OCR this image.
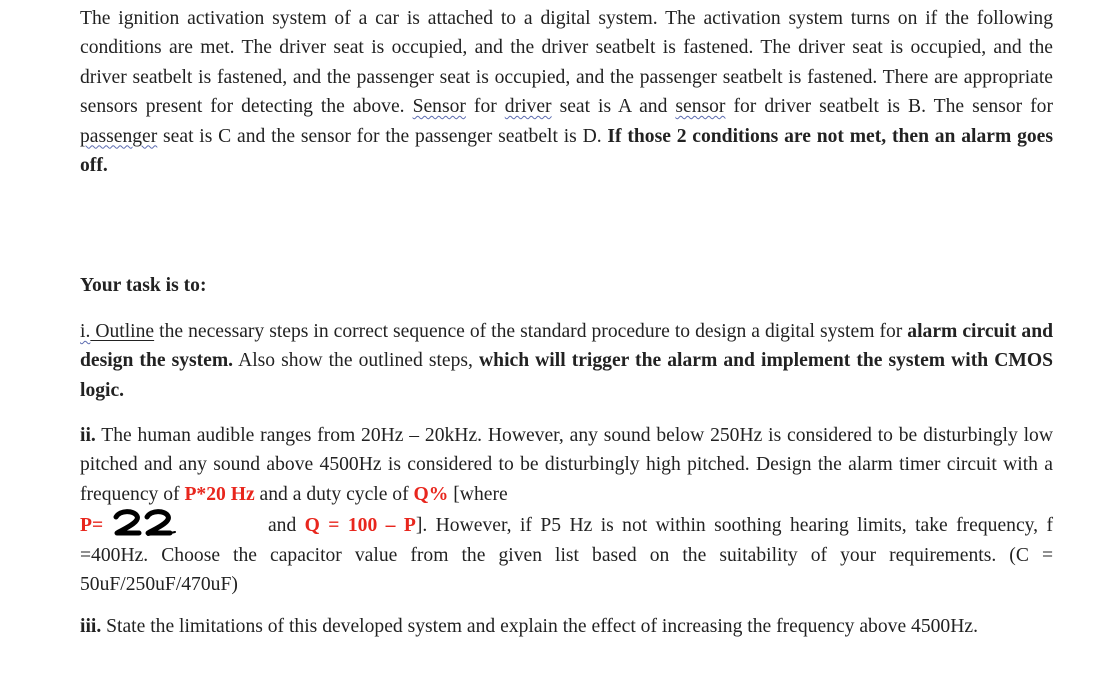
The ignition activation system of a car is attached to a digital system. The activation system turns on if the following conditions are met. The driver seat is occupied, and the driver seatbelt is fastened. The driver seat is occupied, and the driver seatbelt is fastened, and the passenger seat is occupied, and the passenger seatbelt is fastened. There are appropriate sensors present for detecting the above. Sensor for driver seat is A and sensor for driver seatbelt is B. The sensor for passenger seat is C and the sensor for the passenger seatbelt is D. If those 2 conditions are not met, then an alarm goes off.

Your task is to:

i. Outline the necessary steps in correct sequence of the standard procedure to design a digital system for alarm circuit and design the system. Also show the outlined steps, which will trigger the alarm and implement the system with CMOS logic.

ii. The human audible ranges from 20Hz – 20kHz. However, any sound below 250Hz is considered to be disturbingly low pitched and any sound above 4500Hz is considered to be disturbingly high pitched. Design the alarm timer circuit with a frequency of P*20 Hz and a duty cycle of Q% [where
P=	and Q = 100 – P]. However, if P5 Hz is not within soothing hearing limits, take frequency, f =400Hz. Choose the capacitor value from the given list based on the suitability of your requirements. (C = 50uF/250uF/470uF)

iii. State the limitations of this developed system and explain the effect of increasing the frequency above 4500Hz.
